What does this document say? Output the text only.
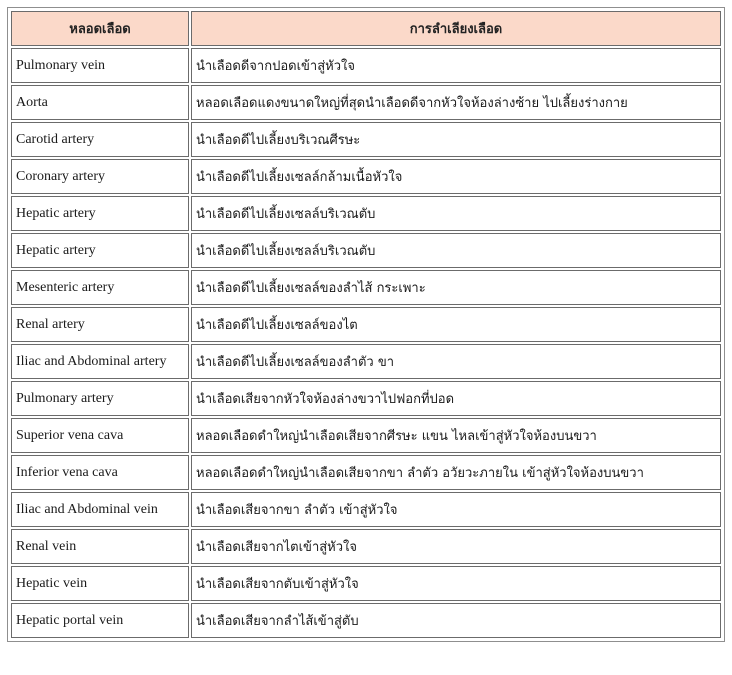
หลอดเลือด	การลำเลียงเลือด
Pulmonary vein	นำเลือดดีจากปอดเข้าสู่หัวใจ
Aorta	หลอดเลือดแดงขนาดใหญ่ที่สุดนำเลือดดีจากหัวใจห้องล่างซ้าย ไปเลี้ยงร่างกาย
Carotid artery	นำเลือดดีไปเลี้ยงบริเวณศีรษะ
Coronary artery	นำเลือดดีไปเลี้ยงเซลล์กล้ามเนื้อหัวใจ
Hepatic artery	นำเลือดดีไปเลี้ยงเซลล์บริเวณตับ
Hepatic artery	นำเลือดดีไปเลี้ยงเซลล์บริเวณตับ
Mesenteric artery	นำเลือดดีไปเลี้ยงเซลล์ของลำไส้ กระเพาะ
Renal artery	นำเลือดดีไปเลี้ยงเซลล์ของไต
Iliac and Abdominal artery	นำเลือดดีไปเลี้ยงเซลล์ของลำตัว ขา
Pulmonary artery	นำเลือดเสียจากหัวใจห้องล่างขวาไปฟอกที่ปอด
Superior vena cava	หลอดเลือดดำใหญ่นำเลือดเสียจากศีรษะ แขน ไหลเข้าสู่หัวใจห้องบนขวา
Inferior vena cava	หลอดเลือดดำใหญ่นำเลือดเสียจากขา ลำตัว อวัยวะภายใน เข้าสู่หัวใจห้องบนขวา
Iliac and Abdominal vein	นำเลือดเสียจากขา ลำตัว เข้าสู่หัวใจ
Renal vein	นำเลือดเสียจากไตเข้าสู่หัวใจ
Hepatic vein	นำเลือดเสียจากตับเข้าสู่หัวใจ
Hepatic portal vein	นำเลือดเสียจากลำไส้เข้าสู่ตับ
